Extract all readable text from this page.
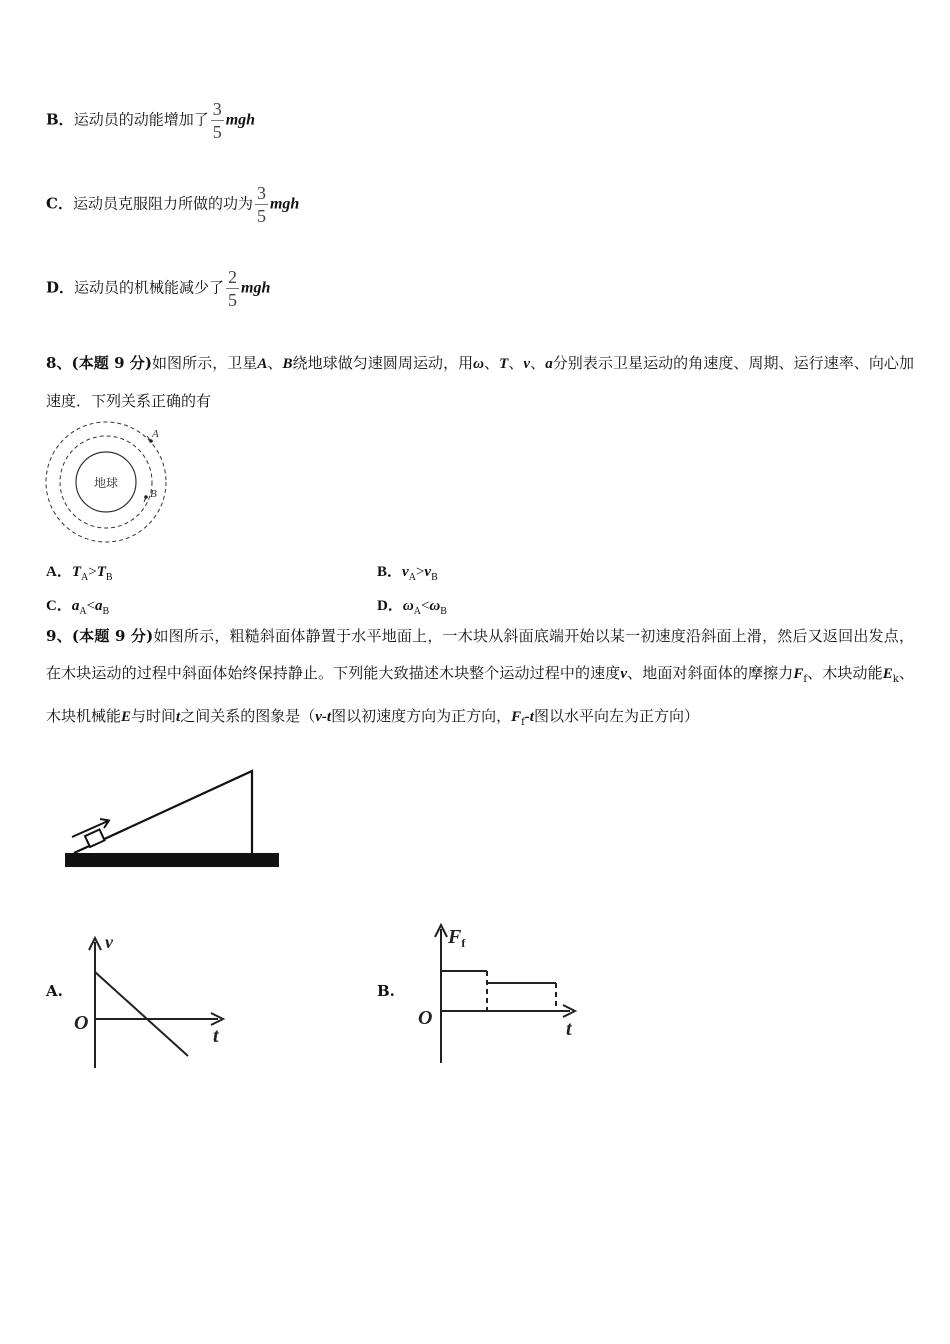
B．运动员的动能增加了 $\frac{3}{5}$ mgh
C．运动员克服阻力所做的功为 $\frac{3}{5}$ mgh
D．运动员的机械能减少了 $\frac{2}{5}$ mgh
8、(本题 9 分)如图所示，卫星A、B绕地球做匀速圆周运动，用ω、T、v、a分别表示卫星运动的角速度、周期、运行速率、向心加速度．下列关系正确的有
地球
A
B
A．$T_A>T_B$	B．$v_A>v_B$
C．$a_A<a_B$	D．$\omega_A<\omega_B$
9、(本题 9 分)如图所示，粗糙斜面体静置于水平地面上，一木块从斜面底端开始以某一初速度沿斜面上滑，然后又返回出发点，在木块运动的过程中斜面体始终保持静止。下列能大致描述木块整个运动过程中的速度v、地面对斜面体的摩擦力$F_f$、木块动能$E_k$、木块机械能E与时间t之间关系的图象是（v-t图以初速度方向为正方向，$F_f-t$图以水平向左为正方向）
A.
v
t
O
B.
$F_f$
t
O
